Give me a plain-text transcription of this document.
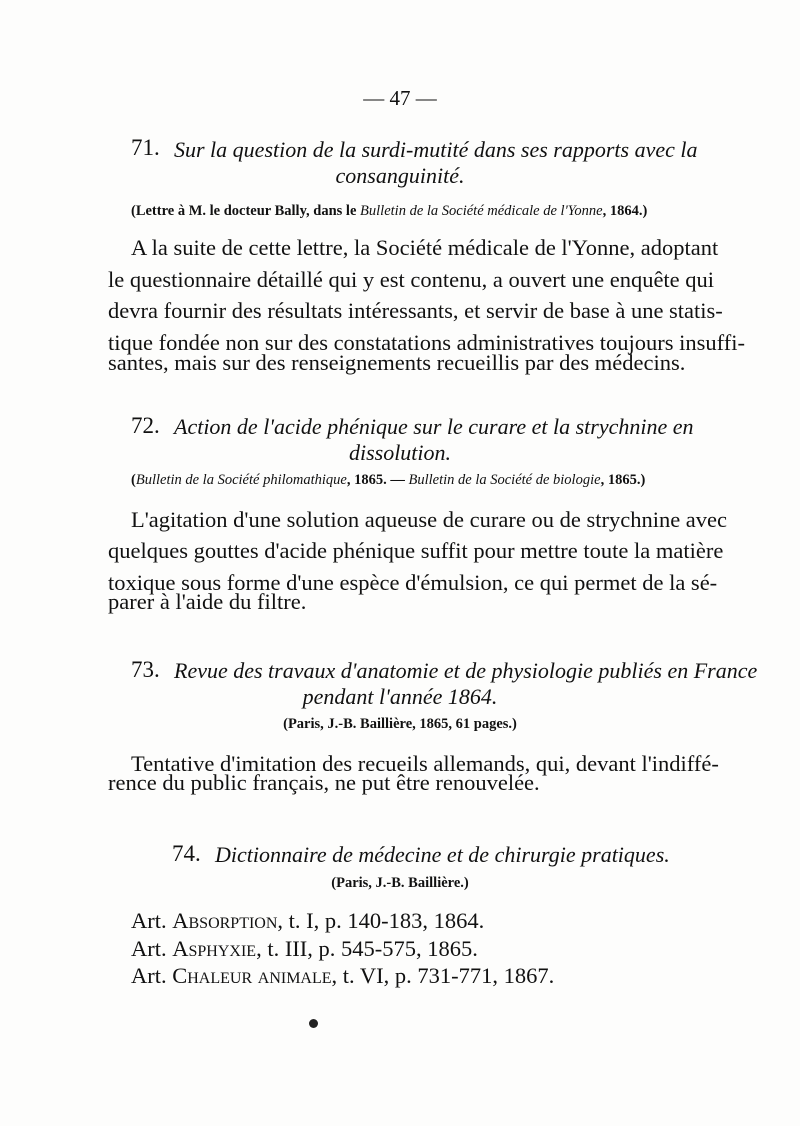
— 47 —
71. Sur la question de la surdi-mutité dans ses rapports avec la
consanguinité.
(Lettre à M. le docteur Bally, dans le Bulletin de la Société médicale de l'Yonne, 1864.)
A la suite de cette lettre, la Société médicale de l'Yonne, adoptant
le questionnaire détaillé qui y est contenu, a ouvert une enquête qui
devra fournir des résultats intéressants, et servir de base à une statis-
tique fondée non sur des constatations administratives toujours insuffi-
santes, mais sur des renseignements recueillis par des médecins.
72. Action de l'acide phénique sur le curare et la strychnine en
dissolution.
(Bulletin de la Société philomathique, 1865. — Bulletin de la Société de biologie, 1865.)
L'agitation d'une solution aqueuse de curare ou de strychnine avec
quelques gouttes d'acide phénique suffit pour mettre toute la matière
toxique sous forme d'une espèce d'émulsion, ce qui permet de la sé-
parer à l'aide du filtre.
73. Revue des travaux d'anatomie et de physiologie publiés en France
pendant l'année 1864.
(Paris, J.-B. Baillière, 1865, 61 pages.)
Tentative d'imitation des recueils allemands, qui, devant l'indiffé-
rence du public français, ne put être renouvelée.
74. Dictionnaire de médecine et de chirurgie pratiques.
(Paris, J.-B. Baillière.)
Art. Absorption, t. I, p. 140-183, 1864.
Art. Asphyxie, t. III, p. 545-575, 1865.
Art. Chaleur animale, t. VI, p. 731-771, 1867.
